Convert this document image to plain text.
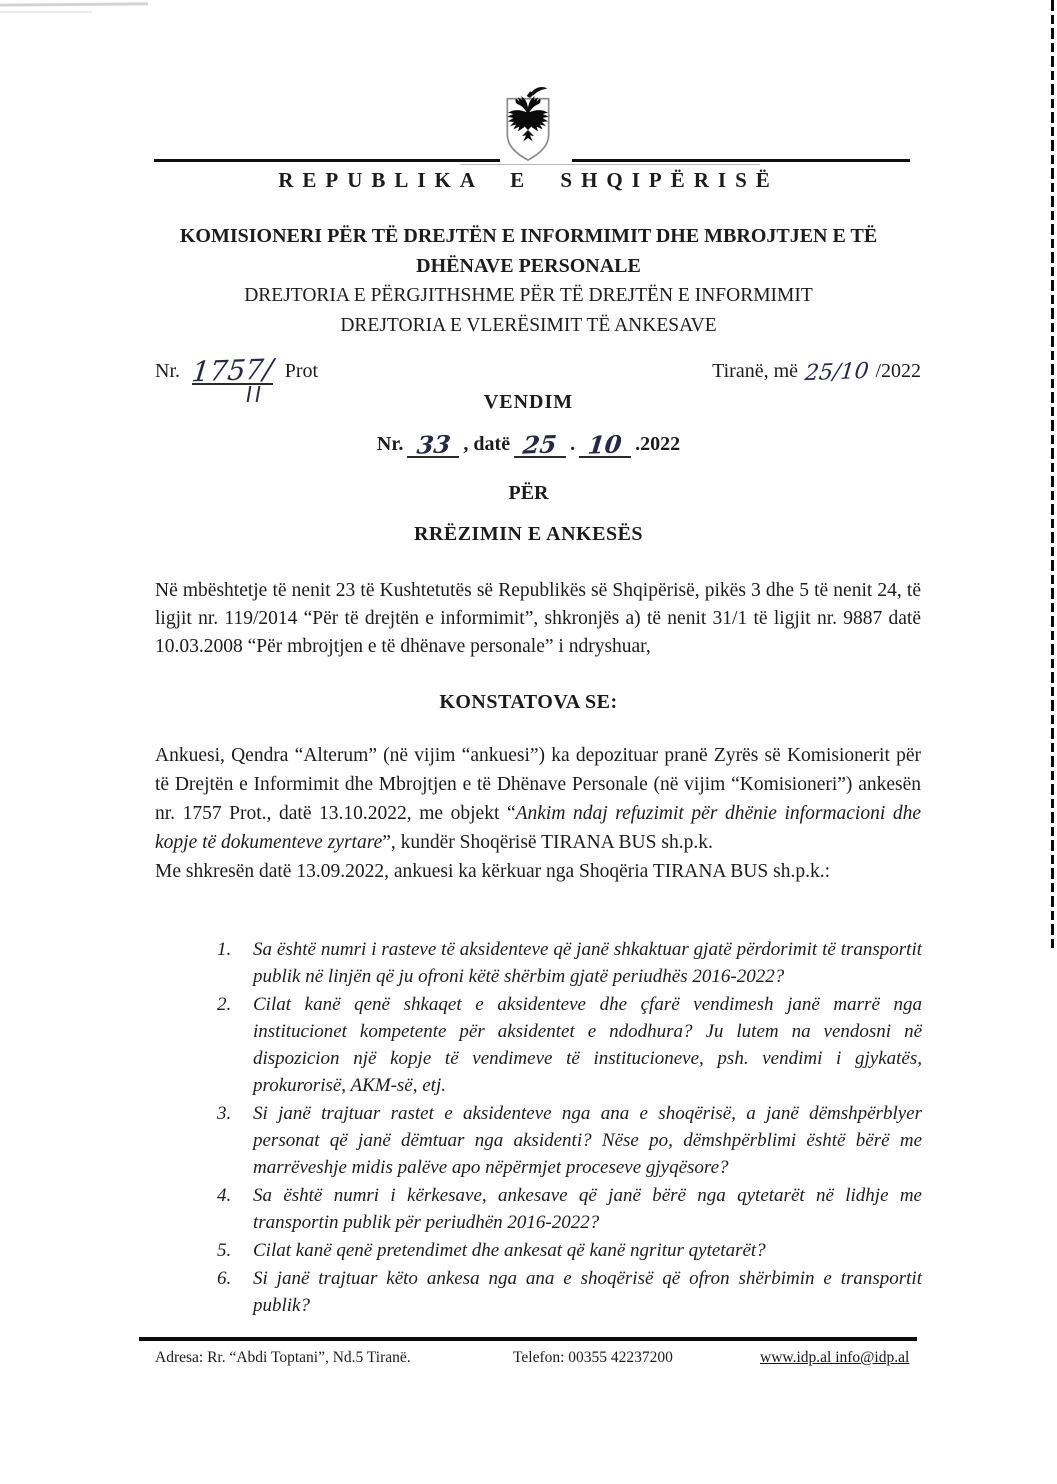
REPUBLIKA E SHQIPËRISË
KOMISIONERI PËR TË DREJTËN E INFORMIMIT DHE MBROJTJEN E TË
DHËNAVE PERSONALE
DREJTORIA E PËRGJITHSHME PËR TË DREJTËN E INFORMIMIT
DREJTORIA E VLERËSIMIT TË ANKESAVE
Nr. 1757/ Prot	Tiranë, më 25/10 /2022
VENDIM
Nr. 33 , datë 25 . 10 .2022
PËR
RRËZIMIN E ANKESËS
Në mbështetje të nenit 23 të Kushtetutës së Republikës së Shqipërisë, pikës 3 dhe 5 të nenit 24, të ligjit nr. 119/2014 “Për të drejtën e informimit”, shkronjës a) të nenit 31/1 të ligjit nr. 9887 datë 10.03.2008 “Për mbrojtjen e të dhënave personale” i ndryshuar,
KONSTATOVA SE:
Ankuesi, Qendra “Alterum” (në vijim “ankuesi”) ka depozituar pranë Zyrës së Komisionerit për të Drejtën e Informimit dhe Mbrojtjen e të Dhënave Personale (në vijim “Komisioneri”) ankesën nr. 1757 Prot., datë 13.10.2022, me objekt “Ankim ndaj refuzimit për dhënie informacioni dhe kopje të dokumenteve zyrtare”, kundër Shoqërisë TIRANA BUS sh.p.k.
Me shkresën datë 13.09.2022, ankuesi ka kërkuar nga Shoqëria TIRANA BUS sh.p.k.:
Sa është numri i rasteve të aksidenteve që janë shkaktuar gjatë përdorimit të transportit publik në linjën që ju ofroni këtë shërbim gjatë periudhës 2016-2022?
Cilat kanë qenë shkaqet e aksidenteve dhe çfarë vendimesh janë marrë nga institucionet kompetente për aksidentet e ndodhura? Ju lutem na vendosni në dispozicion një kopje të vendimeve të institucioneve, psh. vendimi i gjykatës, prokurorisë, AKM-së, etj.
Si janë trajtuar rastet e aksidenteve nga ana e shoqërisë, a janë dëmshpërblyer personat që janë dëmtuar nga aksidenti? Nëse po, dëmshpërblimi është bërë me marrëveshje midis palëve apo nëpërmjet proceseve gjyqësore?
Sa është numri i kërkesave, ankesave që janë bërë nga qytetarët në lidhje me transportin publik për periudhën 2016-2022?
Cilat kanë qenë pretendimet dhe ankesat që kanë ngritur qytetarët?
Si janë trajtuar këto ankesa nga ana e shoqërisë që ofron shërbimin e transportit publik?
Adresa: Rr. “Abdi Toptani”, Nd.5 Tiranë.	Telefon: 00355 42237200	www.idp.al info@idp.al
